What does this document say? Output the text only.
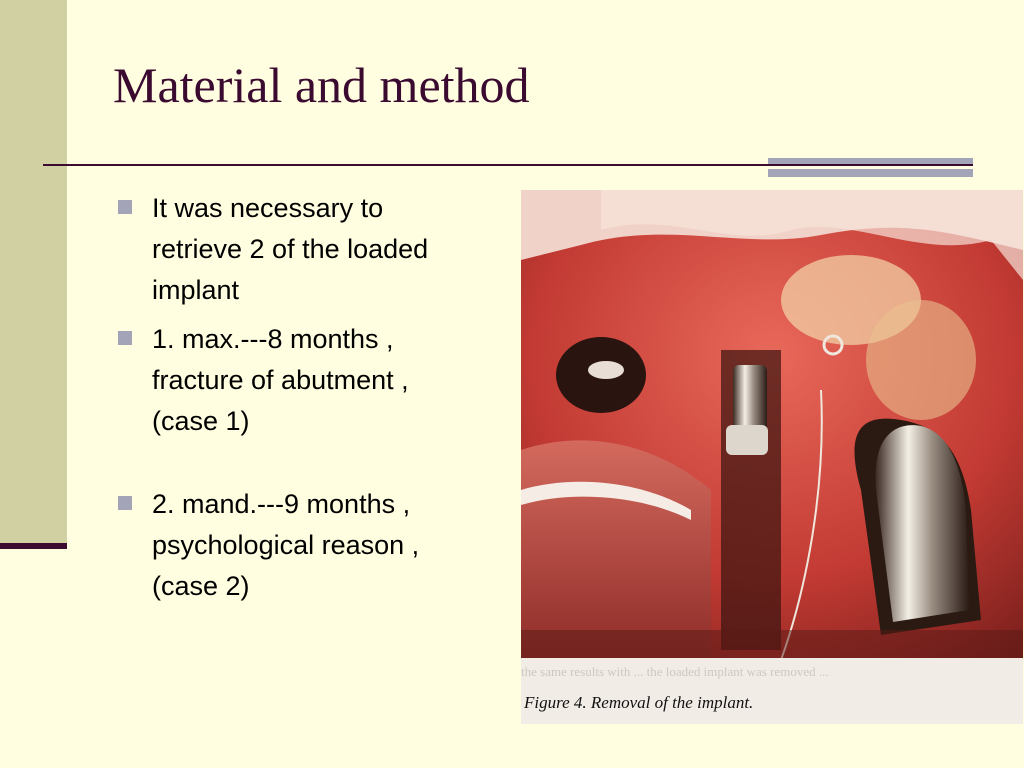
Material and method
It was necessary to
retrieve 2 of the loaded
implant
1. max.---8 months ,
fracture of abutment ,
(case 1)
2. mand.---9 months ,
psychological reason ,
(case 2)
the same results with ... the loaded implant was removed ...
Figure 4. Removal of the implant.
